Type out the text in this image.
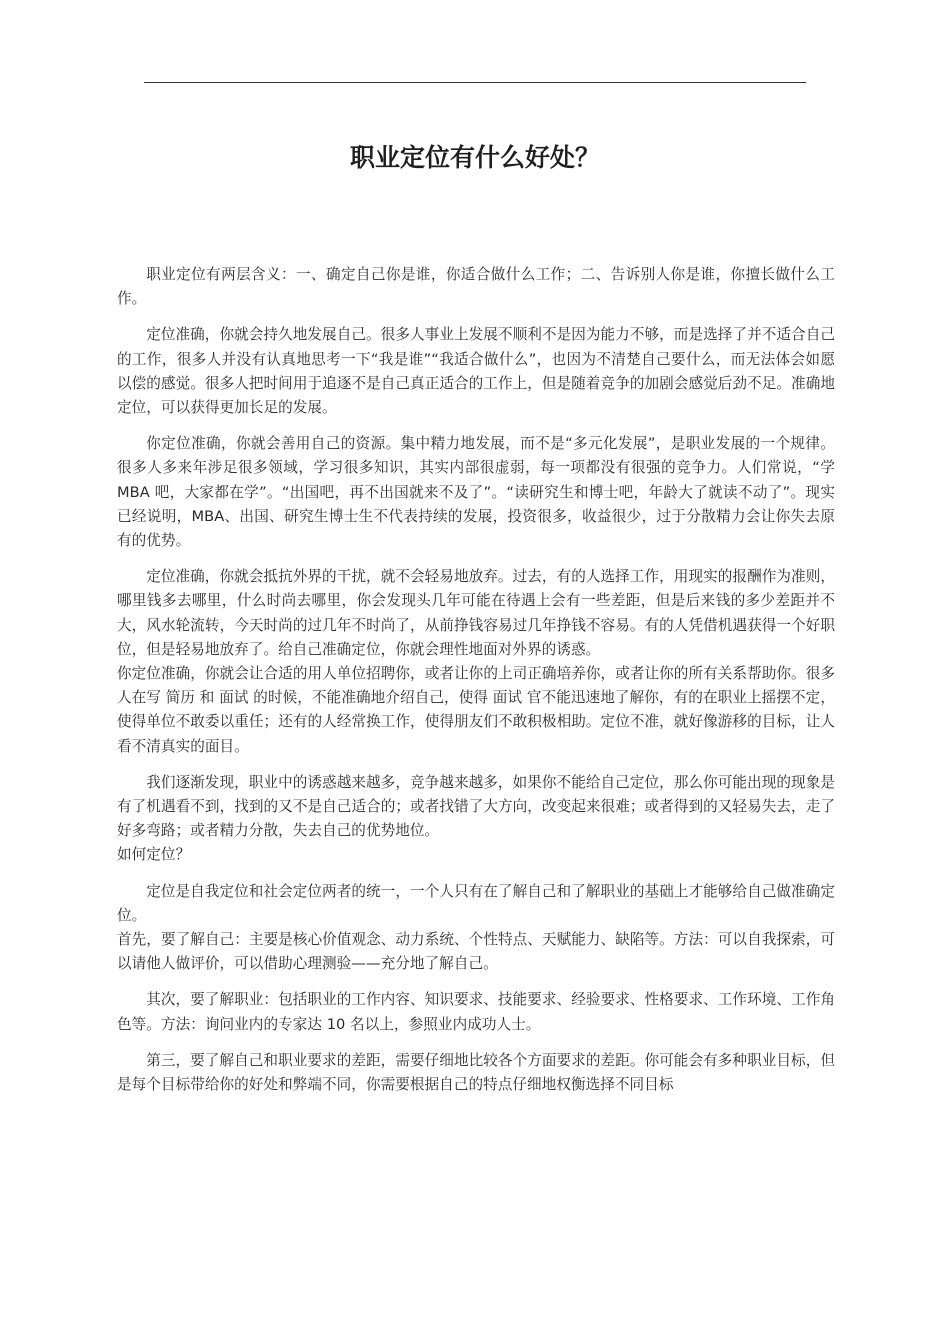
职业定位有什么好处？

职业定位有两层含义：一、确定自己你是谁，你适合做什么工作；二、告诉别人你是谁，你擅长做什么工作。

定位准确，你就会持久地发展自己。很多人事业上发展不顺利不是因为能力不够，而是选择了并不适合自己的工作，很多人并没有认真地思考一下“我是谁”“我适合做什么”，也因为不清楚自己要什么，而无法体会如愿以偿的感觉。很多人把时间用于追逐不是自己真正适合的工作上，但是随着竞争的加剧会感觉后劲不足。准确地定位，可以获得更加长足的发展。

你定位准确，你就会善用自己的资源。集中精力地发展，而不是“多元化发展”，是职业发展的一个规律。很多人多来年涉足很多领域，学习很多知识，其实内部很虚弱，每一项都没有很强的竞争力。人们常说，“学 MBA 吧，大家都在学”。“出国吧，再不出国就来不及了”。“读研究生和博士吧，年龄大了就读不动了”。现实已经说明，MBA、出国、研究生博士生不代表持续的发展，投资很多，收益很少，过于分散精力会让你失去原有的优势。

定位准确，你就会抵抗外界的干扰，就不会轻易地放弃。过去，有的人选择工作，用现实的报酬作为准则，哪里钱多去哪里，什么时尚去哪里，你会发现头几年可能在待遇上会有一些差距，但是后来钱的多少差距并不大，风水轮流转，今天时尚的过几年不时尚了，从前挣钱容易过几年挣钱不容易。有的人凭借机遇获得一个好职位，但是轻易地放弃了。给自己准确定位，你就会理性地面对外界的诱惑。

你定位准确，你就会让合适的用人单位招聘你，或者让你的上司正确培养你，或者让你的所有关系帮助你。很多人在写 简历 和 面试 的时候，不能准确地介绍自己，使得 面试 官不能迅速地了解你，有的在职业上摇摆不定，使得单位不敢委以重任；还有的人经常换工作，使得朋友们不敢积极相助。定位不准，就好像游移的目标，让人看不清真实的面目。

我们逐渐发现，职业中的诱惑越来越多，竞争越来越多，如果你不能给自己定位，那么你可能出现的现象是有了机遇看不到，找到的又不是自己适合的；或者找错了大方向，改变起来很难；或者得到的又轻易失去，走了好多弯路；或者精力分散，失去自己的优势地位。

如何定位？

定位是自我定位和社会定位两者的统一，一个人只有在了解自己和了解职业的基础上才能够给自己做准确定位。

首先，要了解自己：主要是核心价值观念、动力系统、个性特点、天赋能力、缺陷等。方法：可以自我探索，可以请他人做评价，可以借助心理测验——充分地了解自己。

其次，要了解职业：包括职业的工作内容、知识要求、技能要求、经验要求、性格要求、工作环境、工作角色等。方法：询问业内的专家达 10 名以上，参照业内成功人士。

第三，要了解自己和职业要求的差距，需要仔细地比较各个方面要求的差距。你可能会有多种职业目标，但是每个目标带给你的好处和弊端不同，你需要根据自己的特点仔细地权衡选择不同目标
